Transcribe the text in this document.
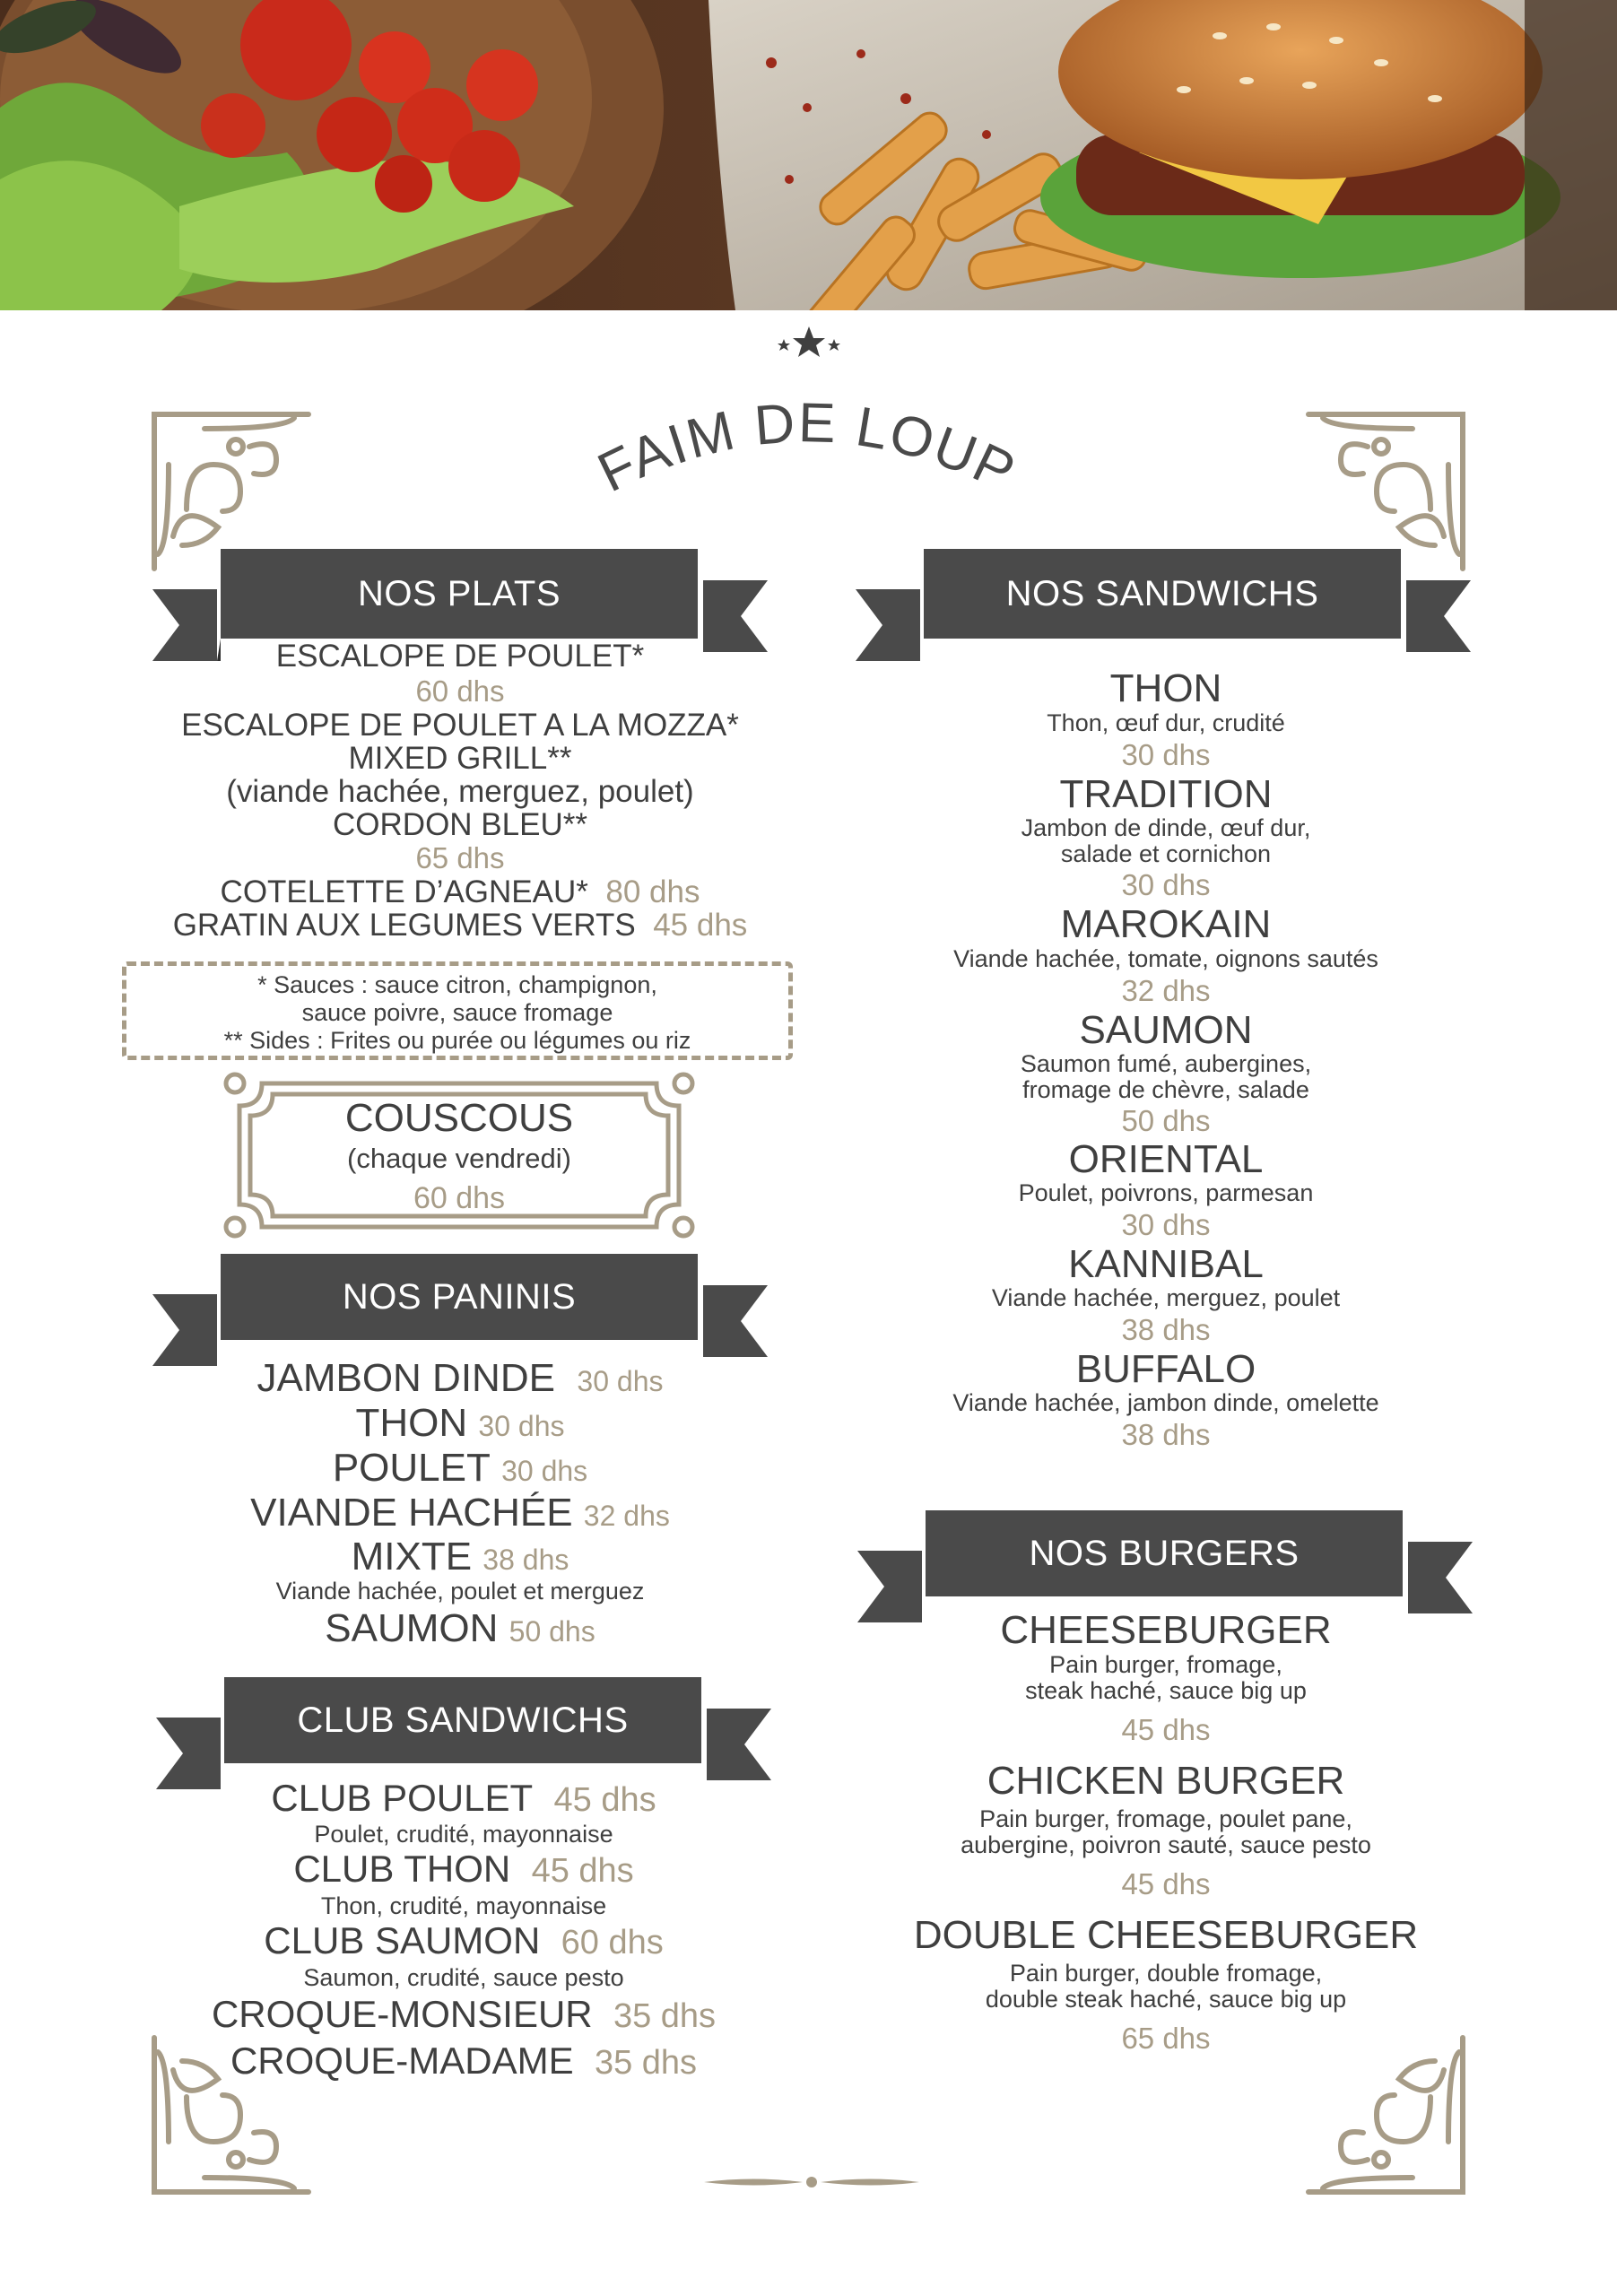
FAIM DE LOUP
NOS PLATS	NOS SANDWICHS
NOS PANINIS
CLUB SANDWICHS
NOS BURGERS
ESCALOPE DE POULET*
60 dhs
ESCALOPE DE POULET A LA MOZZA*
MIXED GRILL**
(viande hachée, merguez, poulet)
CORDON BLEU**
65 dhs
COTELETTE D’AGNEAU* 80 dhs
GRATIN AUX LEGUMES VERTS 45 dhs
* Sauces : sauce citron, champignon,
sauce poivre, sauce fromage
** Sides : Frites ou purée ou légumes ou riz
COUSCOUS
(chaque vendredi)
60 dhs
JAMBON DINDE 30 dhs
THON 30 dhs
POULET 30 dhs
VIANDE HACHÉE 32 dhs
MIXTE 38 dhs
Viande hachée, poulet et merguez
SAUMON 50 dhs
CLUB POULET 45 dhs
Poulet, crudité, mayonnaise
CLUB THON 45 dhs
Thon, crudité, mayonnaise
CLUB SAUMON 60 dhs
Saumon, crudité, sauce pesto
CROQUE-MONSIEUR 35 dhs
CROQUE-MADAME 35 dhs
THON
Thon, œuf dur, crudité
30 dhs
TRADITION
Jambon de dinde, œuf dur,
salade et cornichon
30 dhs
MAROKAIN
Viande hachée, tomate, oignons sautés
32 dhs
SAUMON
Saumon fumé, aubergines,
fromage de chèvre, salade
50 dhs
ORIENTAL
Poulet, poivrons, parmesan
30 dhs
KANNIBAL
Viande hachée, merguez, poulet
38 dhs
BUFFALO
Viande hachée, jambon dinde, omelette
38 dhs
CHEESEBURGER
Pain burger, fromage,
steak haché, sauce big up
45 dhs
CHICKEN BURGER
Pain burger, fromage, poulet pane,
aubergine, poivron sauté, sauce pesto
45 dhs
DOUBLE CHEESEBURGER
Pain burger, double fromage,
double steak haché, sauce big up
65 dhs
